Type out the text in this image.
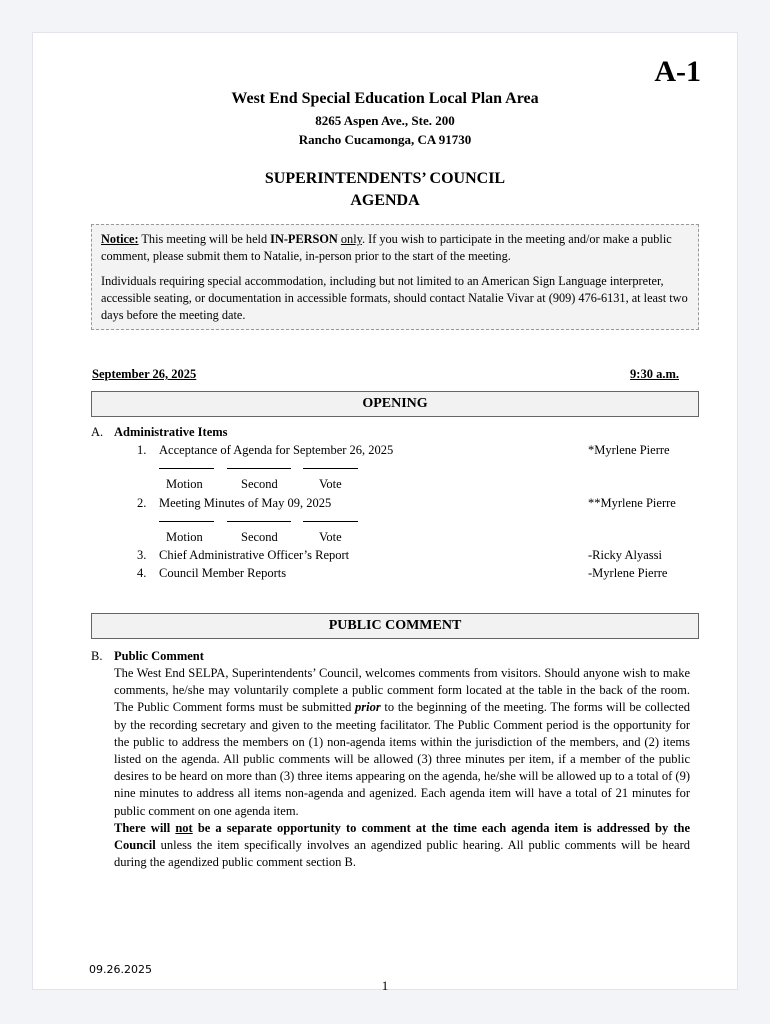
A-1
West End Special Education Local Plan Area
8265 Aspen Ave., Ste. 200
Rancho Cucamonga, CA 91730
SUPERINTENDENTS’ COUNCIL
AGENDA

Notice: This meeting will be held IN-PERSON only. If you wish to participate in the meeting and/or make a public comment, please submit them to Natalie, in-person prior to the start of the meeting.

Individuals requiring special accommodation, including but not limited to an American Sign Language interpreter, accessible seating, or documentation in accessible formats, should contact Natalie Vivar at (909) 476-6131, at least two days before the meeting date.

September 26, 2025	9:30 a.m.
OPENING
A. Administrative Items
1. Acceptance of Agenda for September 26, 2025	*Myrlene Pierre

Motion	Second	Vote
2. Meeting Minutes of May 09, 2025	**Myrlene Pierre

Motion	Second	Vote
3. Chief Administrative Officer’s Report	-Ricky Alyassi
4. Council Member Reports	-Myrlene Pierre
PUBLIC COMMENT
B. Public Comment

The West End SELPA, Superintendents’ Council, welcomes comments from visitors. Should anyone wish to make comments, he/she may voluntarily complete a public comment form located at the table in the back of the room. The Public Comment forms must be submitted prior to the beginning of the meeting. The forms will be collected by the recording secretary and given to the meeting facilitator. The Public Comment period is the opportunity for the public to address the members on (1) non-agenda items within the jurisdiction of the members, and (2) items listed on the agenda. All public comments will be allowed (3) three minutes per item, if a member of the public desires to be heard on more than (3) three items appearing on the agenda, he/she will be allowed up to a total of (9) nine minutes to address all items non-agenda and agenized. Each agenda item will have a total of 21 minutes for public comment on one agenda item.

There will not be a separate opportunity to comment at the time each agenda item is addressed by the Council unless the item specifically involves an agendized public hearing. All public comments will be heard during the agendized public comment section B.

09.26.2025
1
